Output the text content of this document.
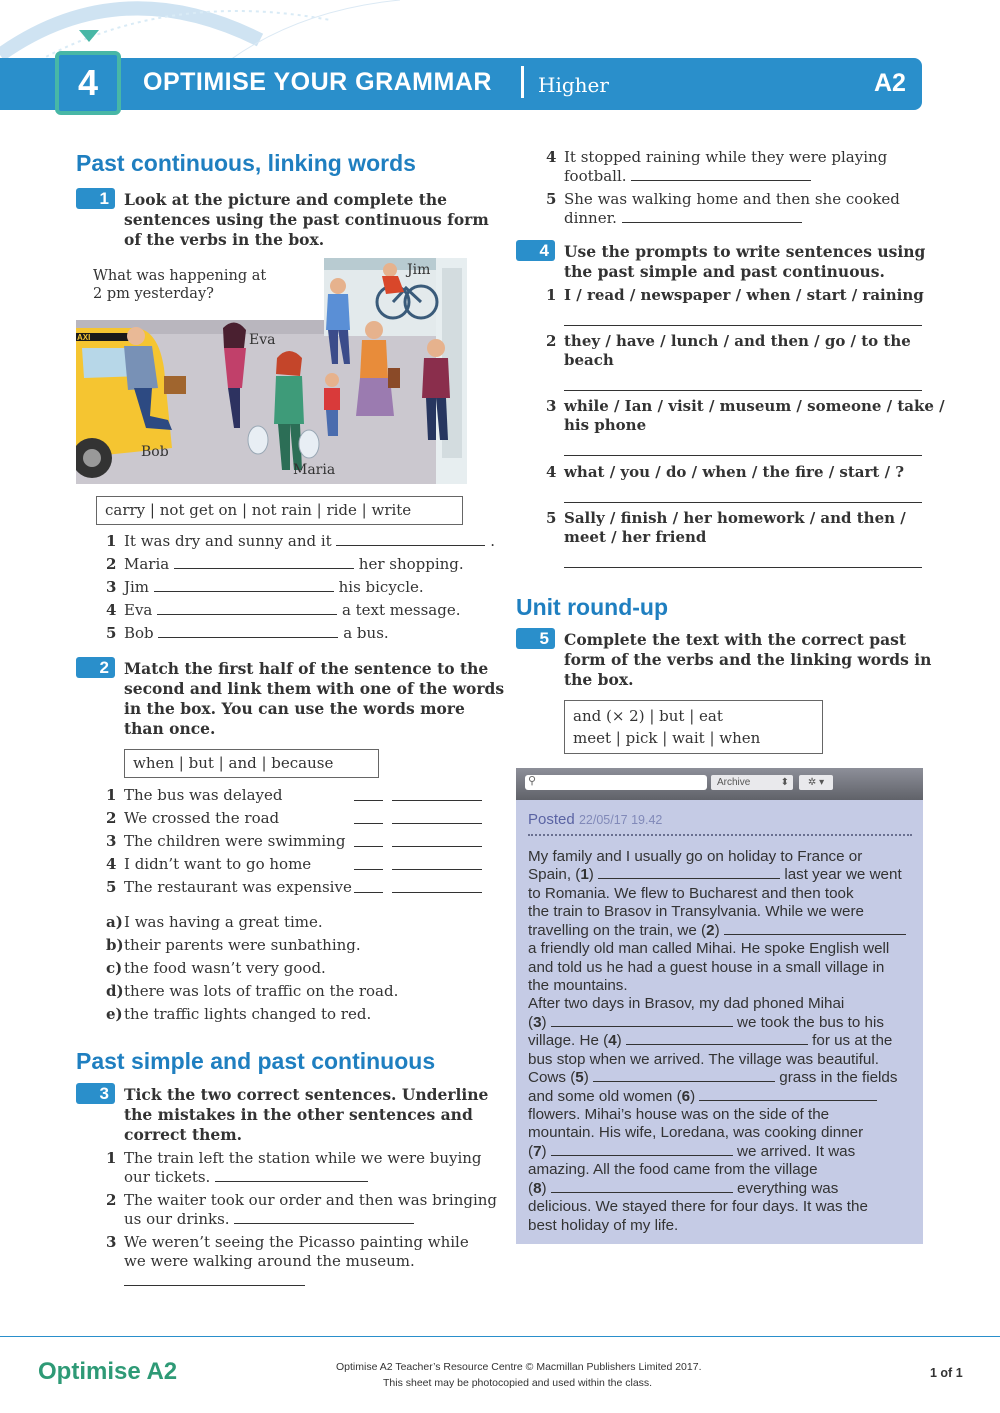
4	OPTIMISE YOUR GRAMMAR Higher	A2
Past continuous, linking words
1 Look at the picture and complete the
sentences using the past continuous form
of the verbs in the box.
What was happening at
2 pm yesterday?
Jim
Eva
Bob
Maria
AXI
carry | not get on | not rain | ride | write
1 It was dry and sunny and it	.
2 Maria	her shopping.
3 Jim	his bicycle.
4 Eva	a text message.
5 Bob	a bus.
2 Match the first half of the sentence to the
second and link them with one of the words
in the box. You can use the words more
than once.
when | but | and | because
1 The bus was delayed
2 We crossed the road
3 The children were swimming
4 I didn’t want to go home
5 The restaurant was expensive
a) I was having a great time.
b) their parents were sunbathing.
c) the food wasn’t very good.
d) there was lots of traffic on the road.
e) the traffic lights changed to red.
Past simple and past continuous
3 Tick the two correct sentences. Underline
the mistakes in the other sentences and
correct them.
1 The train left the station while we were buying
our tickets.
2 The waiter took our order and then was bringing
us our drinks.
3 We weren’t seeing the Picasso painting while
we were walking around the museum.
4 It stopped raining while they were playing
football.
5 She was walking home and then she cooked
dinner.
4 Use the prompts to write sentences using
the past simple and past continuous.
1 I / read / newspaper / when / start / raining
2 they / have / lunch / and then / go / to the
beach
3 while / Ian / visit / museum / someone / take /
his phone
4 what / you / do / when / the fire / start / ?
5 Sally / finish / her homework / and then /
meet / her friend
Unit round-up
5 Complete the text with the correct past
form of the verbs and the linking words in
the box.
and (× 2) | but | eat
meet | pick | wait | when
⚲	Archive	⬍	✲ ▾
Posted 22/05/17 19.42
My family and I usually go on holiday to France or
Spain, (1)	last year we went
to Romania. We flew to Bucharest and then took
the train to Brasov in Transylvania. While we were
travelling on the train, we (2)
a friendly old man called Mihai. He spoke English well
and told us he had a guest house in a small village in
the mountains.
After two days in Brasov, my dad phoned Mihai
(3)	we took the bus to his
village. He (4)	for us at the
bus stop when we arrived. The village was beautiful.
Cows (5)	grass in the fields
and some old women (6)
flowers. Mihai’s house was on the side of the
mountain. His wife, Loredana, was cooking dinner
(7)	we arrived. It was
amazing. All the food came from the village
(8)	everything was
delicious. We stayed there for four days. It was the
best holiday of my life.
Optimise A2	Optimise A2 Teacher’s Resource Centre © Macmillan Publishers Limited 2017.
This sheet may be photocopied and used within the class.
1 of 1
